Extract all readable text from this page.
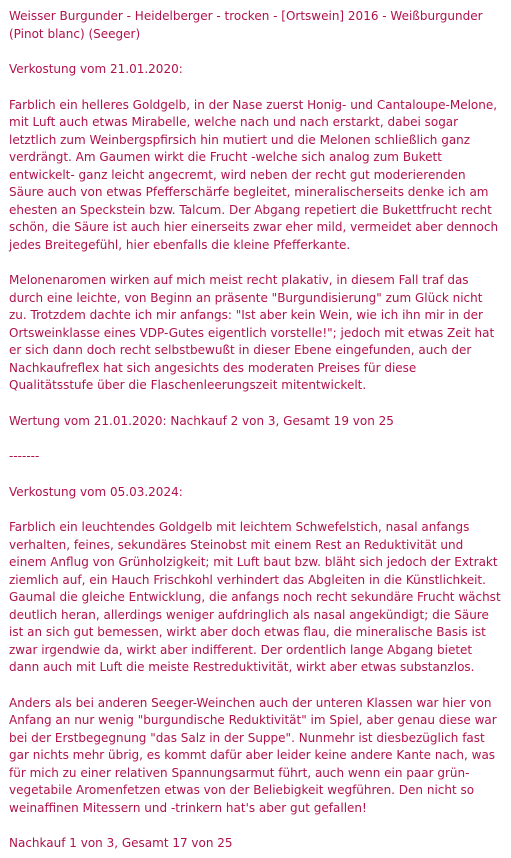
Weisser Burgunder - Heidelberger - trocken - [Ortswein] 2016 - Weißburgunder (Pinot blanc) (Seeger)

Verkostung vom 21.01.2020:

Farblich ein helleres Goldgelb, in der Nase zuerst Honig- und Cantaloupe-Melone, mit Luft auch etwas Mirabelle, welche nach und nach erstarkt, dabei sogar letztlich zum Weinbergspfirsich hin mutiert und die Melonen schließlich ganz verdrängt. Am Gaumen wirkt die Frucht -welche sich analog zum Bukett entwickelt- ganz leicht angecremt, wird neben der recht gut moderierenden Säure auch von etwas Pfefferschärfe begleitet, mineralischerseits denke ich am ehesten an Speckstein bzw. Talcum. Der Abgang repetiert die Bukettfrucht recht schön, die Säure ist auch hier einerseits zwar eher mild, vermeidet aber dennoch jedes Breitegefühl, hier ebenfalls die kleine Pfefferkante.

Melonenaromen wirken auf mich meist recht plakativ, in diesem Fall traf das durch eine leichte, von Beginn an präsente "Burgundisierung" zum Glück nicht zu. Trotzdem dachte ich mir anfangs: "Ist aber kein Wein, wie ich ihn mir in der Ortsweinklasse eines VDP-Gutes eigentlich vorstelle!"; jedoch mit etwas Zeit hat er sich dann doch recht selbstbewußt in dieser Ebene eingefunden, auch der Nachkaufreflex hat sich angesichts des moderaten Preises für diese Qualitätsstufe über die Flaschenleerungszeit mitentwickelt.

Wertung vom 21.01.2020: Nachkauf 2 von 3, Gesamt 19 von 25

-------

Verkostung vom 05.03.2024:

Farblich ein leuchtendes Goldgelb mit leichtem Schwefelstich, nasal anfangs verhalten, feines, sekundäres Steinobst mit einem Rest an Reduktivität und einem Anflug von Grünholzigkeit; mit Luft baut bzw. bläht sich jedoch der Extrakt ziemlich auf, ein Hauch Frischkohl verhindert das Abgleiten in die Künstlichkeit. Gaumal die gleiche Entwicklung, die anfangs noch recht sekundäre Frucht wächst deutlich heran, allerdings weniger aufdringlich als nasal angekündigt; die Säure ist an sich gut bemessen, wirkt aber doch etwas flau, die mineralische Basis ist zwar irgendwie da, wirkt aber indifferent. Der ordentlich lange Abgang bietet dann auch mit Luft die meiste Restreduktivität, wirkt aber etwas substanzlos.

Anders als bei anderen Seeger-Weinchen auch der unteren Klassen war hier von Anfang an nur wenig "burgundische Reduktivität" im Spiel, aber genau diese war bei der Erstbegegnung "das Salz in der Suppe". Nunmehr ist diesbezüglich fast gar nichts mehr übrig, es kommt dafür aber leider keine andere Kante nach, was für mich zu einer relativen Spannungsarmut führt, auch wenn ein paar grün-vegetabile Aromenfetzen etwas von der Beliebigkeit wegführen. Den nicht so weinaffinen Mitessern und -trinkern hat's aber gut gefallen!

Nachkauf 1 von 3, Gesamt 17 von 25
